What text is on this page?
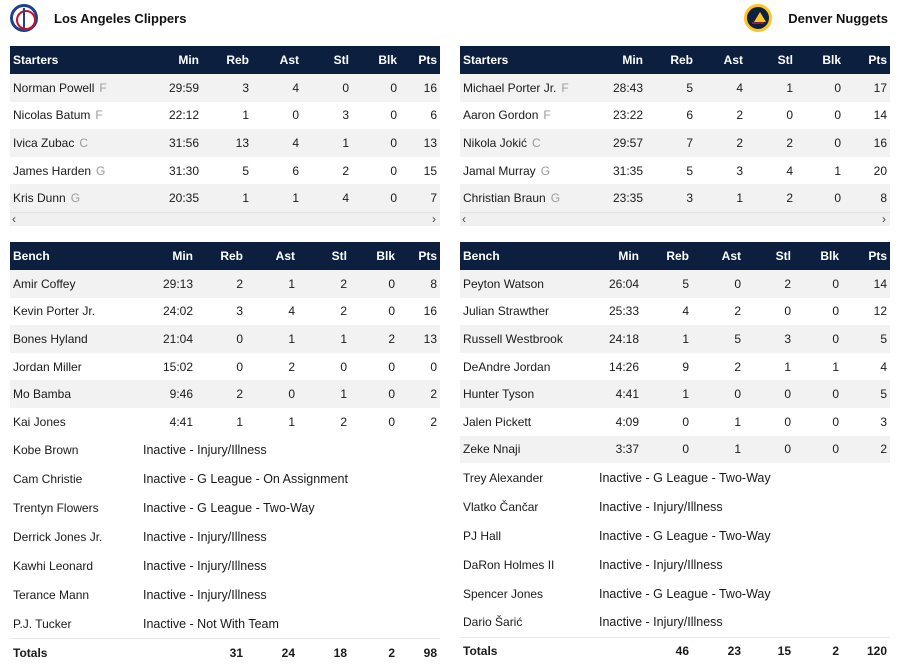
Los Angeles Clippers
Starters	Min	Reb	Ast	Stl	Blk	Pts
Norman Powell F	29:59	3	4	0	0	16
Nicolas Batum F	22:12	1	0	3	0	6
Ivica Zubac C	31:56	13	4	1	0	13
James Harden G	31:30	5	6	2	0	15
Kris Dunn G	20:35	1	1	4	0	7
‹	›
Bench	Min	Reb	Ast	Stl	Blk	Pts
Amir Coffey	29:13	2	1	2	0	8
Kevin Porter Jr.	24:02	3	4	2	0	16
Bones Hyland	21:04	0	1	1	2	13
Jordan Miller	15:02	0	2	0	0	0
Mo Bamba	9:46	2	0	1	0	2
Kai Jones	4:41	1	1	2	0	2
Kobe Brown	Inactive - Injury/Illness					
Cam Christie	Inactive - G League - On Assignment					
Trentyn Flowers	Inactive - G League - Two-Way					
Derrick Jones Jr.	Inactive - Injury/Illness					
Kawhi Leonard	Inactive - Injury/Illness					
Terance Mann	Inactive - Injury/Illness					
P.J. Tucker	Inactive - Not With Team					
Totals		31	24	18	2	98
Denver Nuggets
Starters	Min	Reb	Ast	Stl	Blk	Pts
Michael Porter Jr. F	28:43	5	4	1	0	17
Aaron Gordon F	23:22	6	2	0	0	14
Nikola Jokić C	29:57	7	2	2	0	16
Jamal Murray G	31:35	5	3	4	1	20
Christian Braun G	23:35	3	1	2	0	8
‹	›
Bench	Min	Reb	Ast	Stl	Blk	Pts
Peyton Watson	26:04	5	0	2	0	14
Julian Strawther	25:33	4	2	0	0	12
Russell Westbrook	24:18	1	5	3	0	5
DeAndre Jordan	14:26	9	2	1	1	4
Hunter Tyson	4:41	1	0	0	0	5
Jalen Pickett	4:09	0	1	0	0	3
Zeke Nnaji	3:37	0	1	0	0	2
Trey Alexander	Inactive - G League - Two-Way					
Vlatko Čančar	Inactive - Injury/Illness					
PJ Hall	Inactive - G League - Two-Way					
DaRon Holmes II	Inactive - Injury/Illness					
Spencer Jones	Inactive - G League - Two-Way					
Dario Šarić	Inactive - Injury/Illness					
Totals		46	23	15	2	120
